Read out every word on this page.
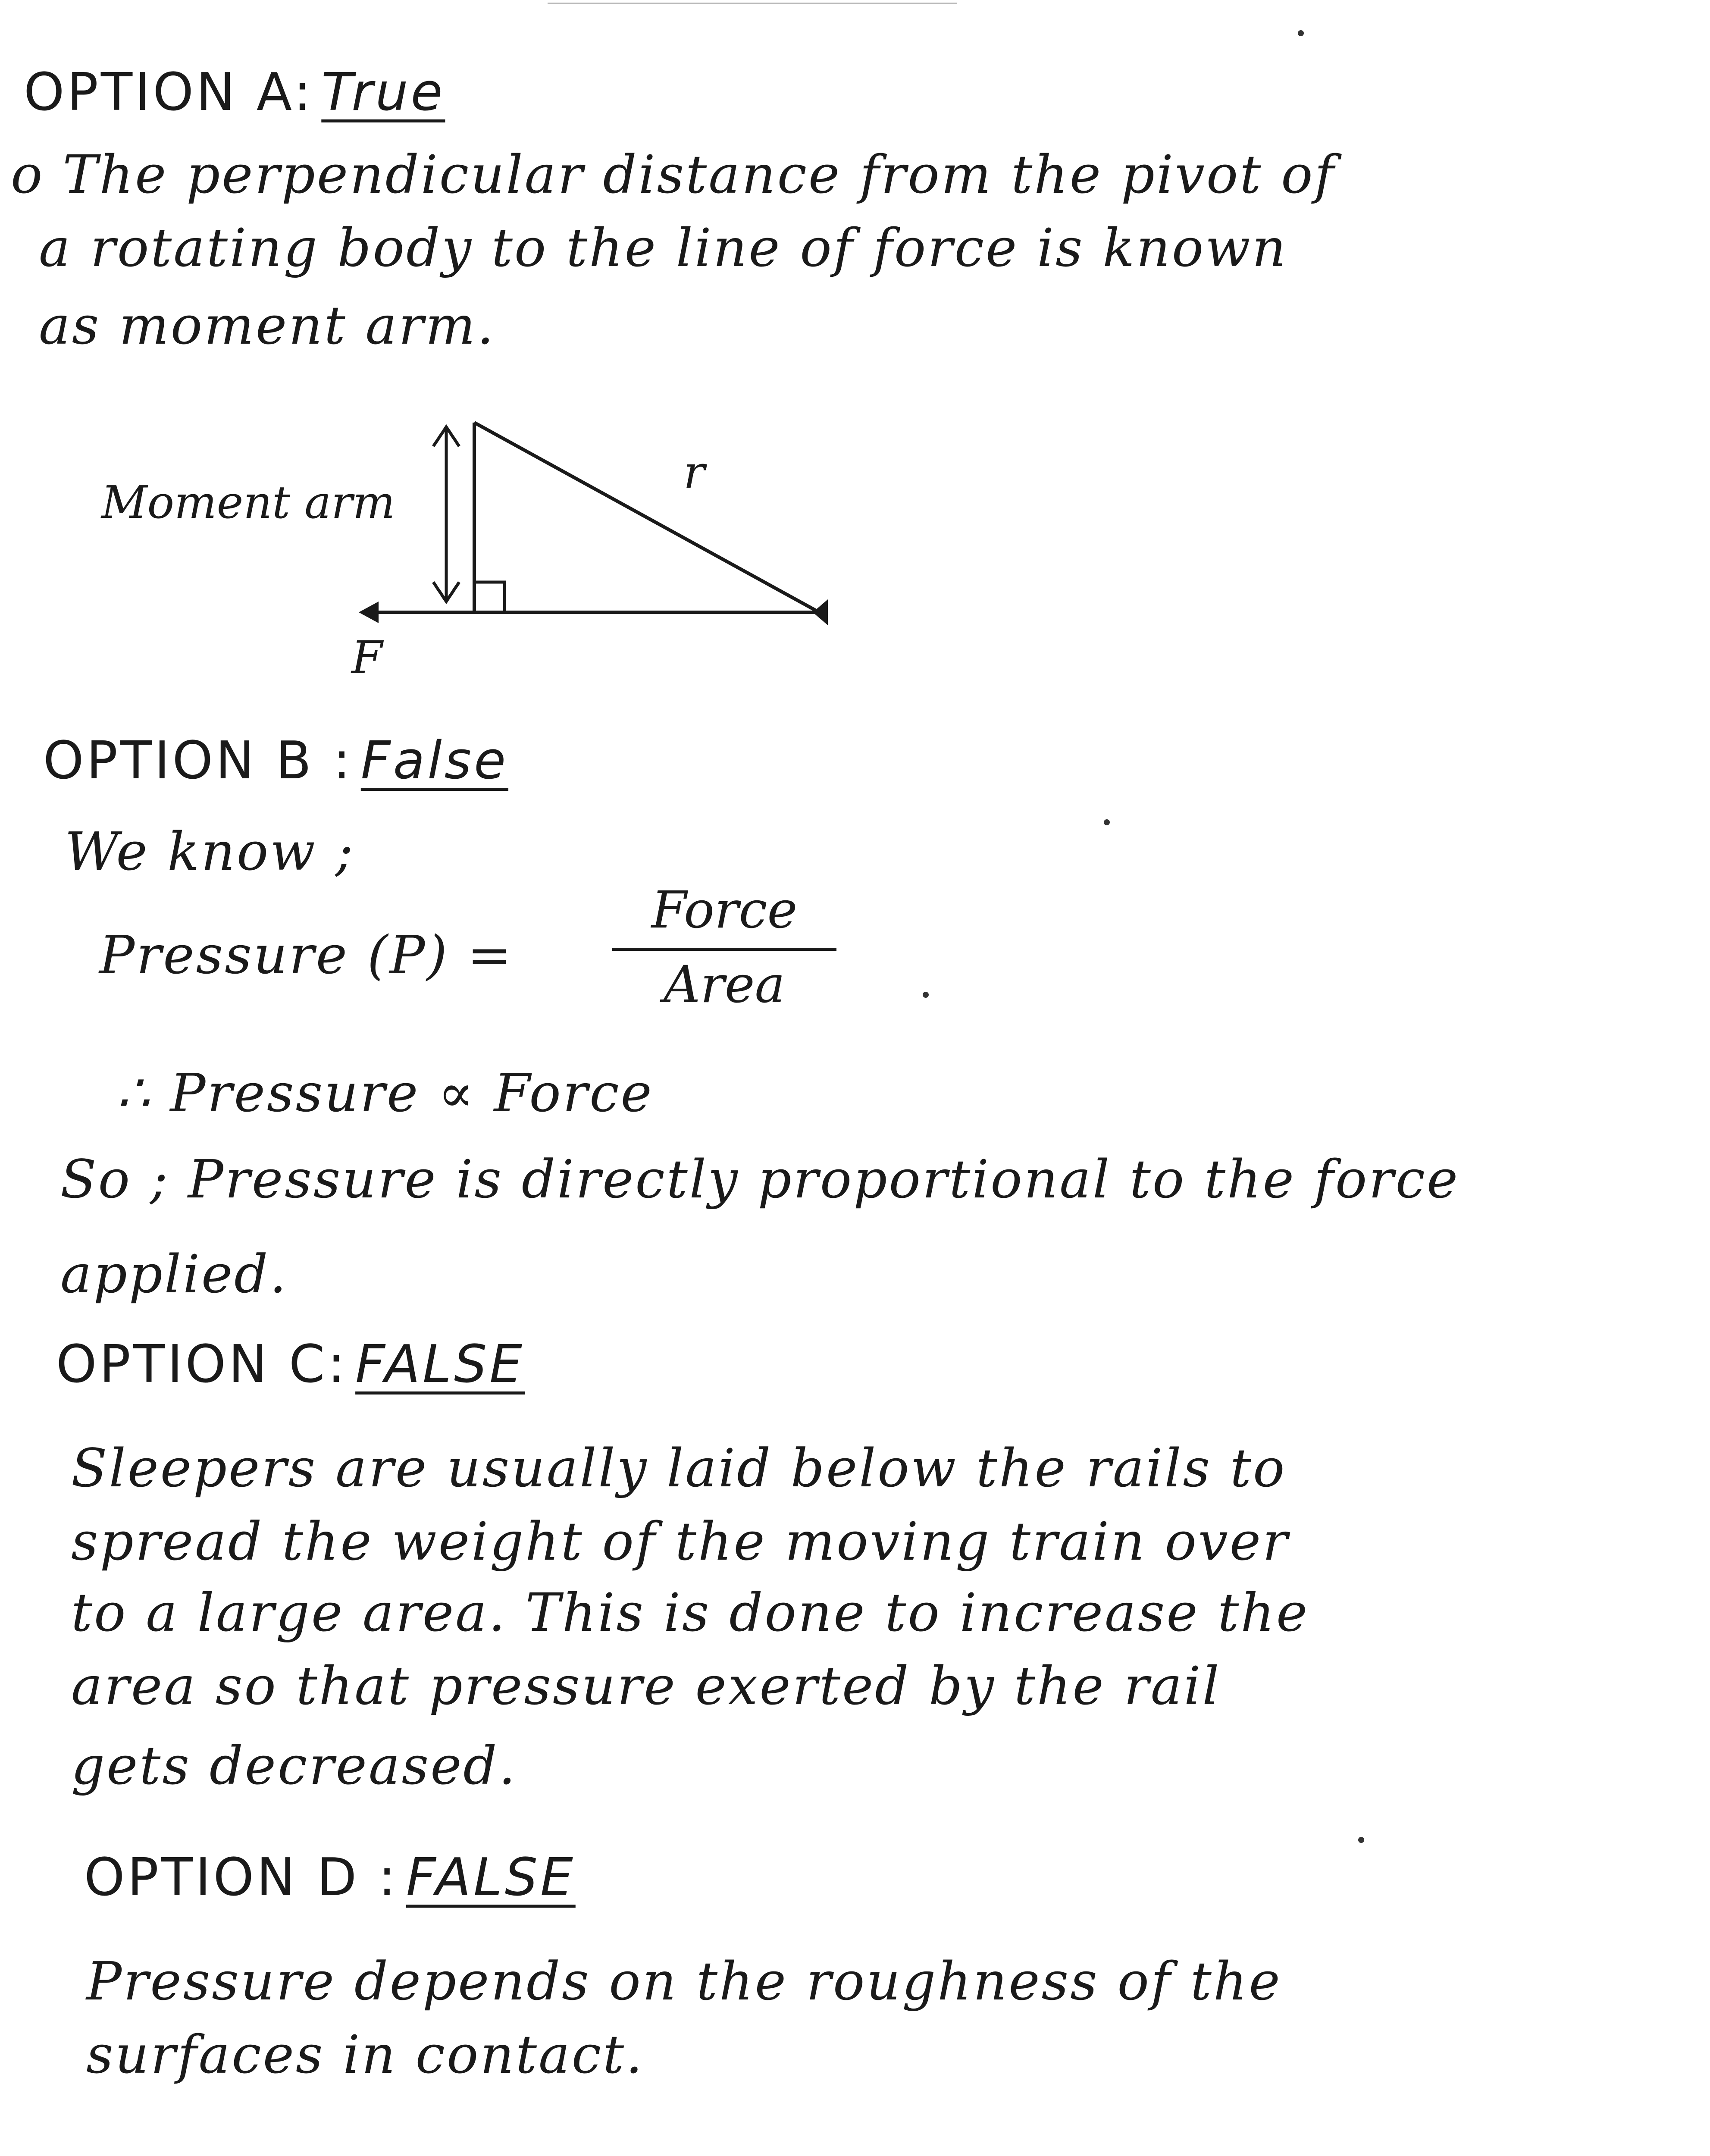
OPTION A: True
o The perpendicular distance from the pivot of
a rotating body to the line of force is known
as moment arm.
Moment arm
r
F
OPTION B : False
We know ;
Pressure (P) =
Force
Area
∴ Pressure ∝ Force
So ; Pressure is directly proportional to the force
applied.
OPTION C: FALSE
Sleepers are usually laid below the rails to
spread the weight of the moving train over
to a large area. This is done to increase the
area so that pressure exerted by the rail
gets decreased.
OPTION D : FALSE
Pressure depends on the roughness of the
surfaces in contact.
